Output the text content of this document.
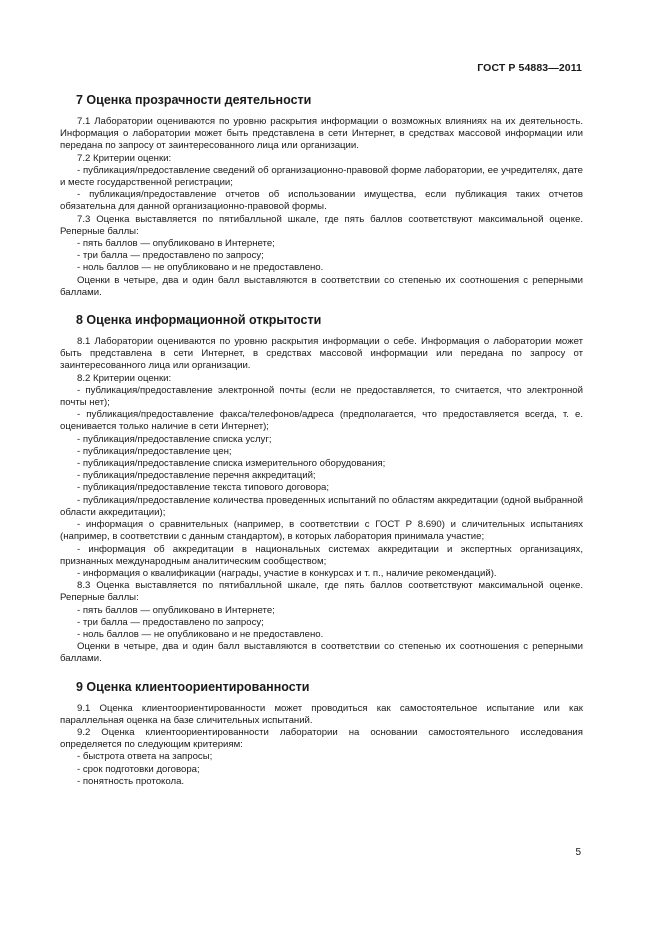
ГОСТ Р 54883—2011
7 Оценка прозрачности деятельности

7.1 Лаборатории оцениваются по уровню раскрытия информации о возможных влияниях на их деятельность. Информация о лаборатории может быть представлена в сети Интернет, в средствах массовой информации или передана по запросу от заинтересованного лица или организации.

7.2 Критерии оценки:

- публикация/предоставление сведений об организационно-правовой форме лаборатории, ее учредителях, дате и месте государственной регистрации;

- публикация/предоставление отчетов об использовании имущества, если публикация таких отчетов обязательна для данной организационно-правовой формы.

7.3 Оценка выставляется по пятибалльной шкале, где пять баллов соответствуют максимальной оценке. Реперные баллы:

- пять баллов — опубликовано в Интернете;

- три балла — предоставлено по запросу;

- ноль баллов — не опубликовано и не предоставлено.

Оценки в четыре, два и один балл выставляются в соответствии со степенью их соотношения с реперными баллами.

8 Оценка информационной открытости

8.1 Лаборатории оцениваются по уровню раскрытия информации о себе. Информация о лаборатории может быть представлена в сети Интернет, в средствах массовой информации или передана по запросу от заинтересованного лица или организации.

8.2 Критерии оценки:

- публикация/предоставление электронной почты (если не предоставляется, то считается, что электронной почты нет);

- публикация/предоставление факса/телефонов/адреса (предполагается, что предоставляется всегда, т. е. оценивается только наличие в сети Интернет);

- публикация/предоставление списка услуг;

- публикация/предоставление цен;

- публикация/предоставление списка измерительного оборудования;

- публикация/предоставление перечня аккредитаций;

- публикация/предоставление текста типового договора;

- публикация/предоставление количества проведенных испытаний по областям аккредитации (одной выбранной области аккредитации);

- информация о сравнительных (например, в соответствии с ГОСТ Р 8.690) и сличительных испытаниях (например, в соответствии с данным стандартом), в которых лаборатория принимала участие;

- информация об аккредитации в национальных системах аккредитации и экспертных организациях, признанных международным аналитическим сообществом;

- информация о квалификации (награды, участие в конкурсах и т. п., наличие рекомендаций).

8.3 Оценка выставляется по пятибалльной шкале, где пять баллов соответствуют максимальной оценке. Реперные баллы:

- пять баллов — опубликовано в Интернете;

- три балла — предоставлено по запросу;

- ноль баллов — не опубликовано и не предоставлено.

Оценки в четыре, два и один балл выставляются в соответствии со степенью их соотношения с реперными баллами.

9 Оценка клиентоориентированности

9.1 Оценка клиентоориентированности может проводиться как самостоятельное испытание или как параллельная оценка на базе сличительных испытаний.

9.2 Оценка клиентоориентированности лаборатории на основании самостоятельного исследования определяется по следующим критериям:

- быстрота ответа на запросы;

- срок подготовки договора;

- понятность протокола.

5
